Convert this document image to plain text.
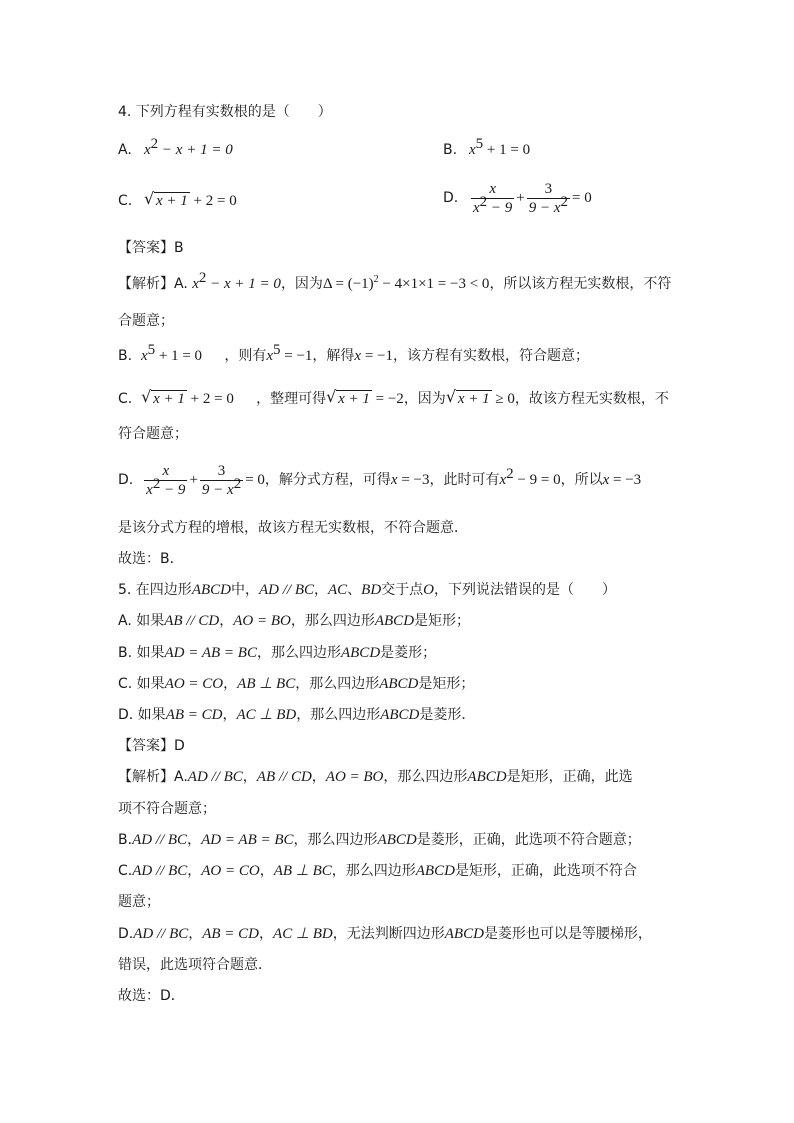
4. 下列方程有实数根的是（　　）
A. $x^2 - x + 1 = 0$	B. $x^5 + 1 = 0$
C. √ x + 1 + 2 = 0	D. $\frac{x}{x^2 - 9} + \frac{3}{9 - x^2} = 0$
【答案】B
【解析】A. $x^2 - x + 1 = 0$，因为$\Delta = (-1)^2 - 4\times 1\times 1 = -3 < 0$，所以该方程无实数根，不符
合题意；
B. $x^5 + 1 = 0$ ，则有$x^5 = -1$，解得x = −1，该方程有实数根，符合题意；
C. √ x + 1 + 2 = 0 ，整理可得 √ x + 1 = −2，因为 √ x + 1 ≥ 0，故该方程无实数根，不
符合题意；
D. $\frac{x}{x^2 - 9} + \frac{3}{9 - x^2} = 0$，解分式方程，可得x = −3，此时可有$x^2 - 9 = 0$，所以x = −3
是该分式方程的增根，故该方程无实数根，不符合题意．
故选：B．
5. 在四边形ABCD中，AD // BC，AC、BD交于点O，下列说法错误的是（　　）
A. 如果AB // CD，AO = BO，那么四边形ABCD是矩形；
B. 如果AD = AB = BC，那么四边形ABCD是菱形；
C. 如果AO = CO，AB ⊥ BC，那么四边形ABCD是矩形；
D. 如果AB = CD，AC ⊥ BD，那么四边形ABCD是菱形．
【答案】D
【解析】A.AD // BC，AB // CD，AO = BO，那么四边形ABCD是矩形，正确，此选
项不符合题意；
B.AD // BC，AD = AB = BC，那么四边形ABCD是菱形，正确，此选项不符合题意；
C.AD // BC，AO = CO，AB ⊥ BC，那么四边形ABCD是矩形，正确，此选项不符合
题意；
D.AD // BC，AB = CD，AC ⊥ BD，无法判断四边形ABCD是菱形也可以是等腰梯形，
错误，此选项符合题意．
故选：D．
